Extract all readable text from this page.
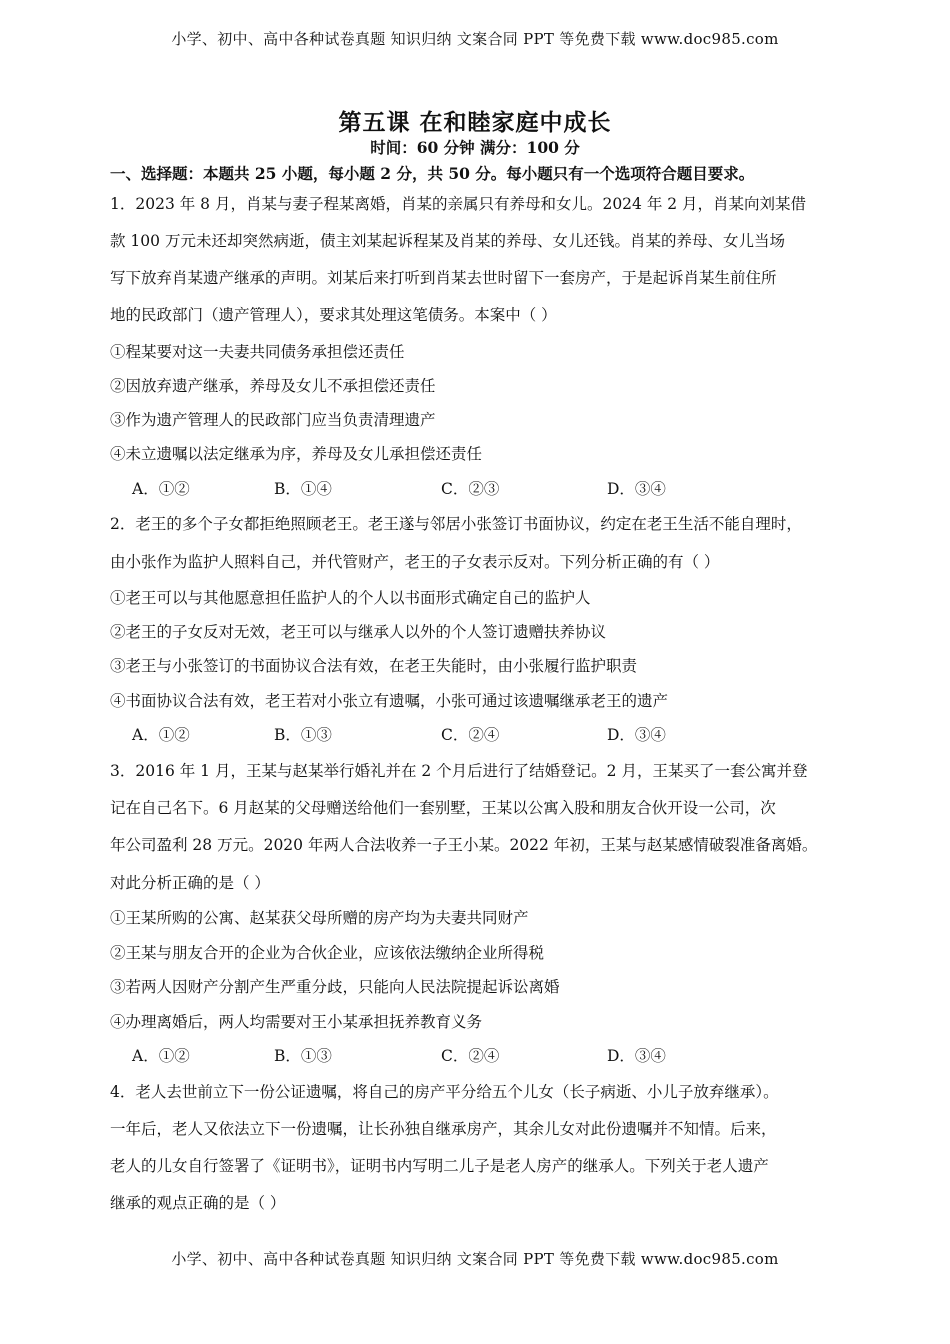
小学、初中、高中各种试卷真题 知识归纳 文案合同 PPT 等免费下载 www.doc985.com
第五课 在和睦家庭中成长
时间：60 分钟 满分：100 分
一、选择题：本题共 25 小题，每小题 2 分，共 50 分。每小题只有一个选项符合题目要求。
1．2023 年 8 月，肖某与妻子程某离婚，肖某的亲属只有养母和女儿。2024 年 2 月，肖某向刘某借
款 100 万元未还却突然病逝，债主刘某起诉程某及肖某的养母、女儿还钱。肖某的养母、女儿当场
写下放弃肖某遗产继承的声明。刘某后来打听到肖某去世时留下一套房产，于是起诉肖某生前住所
地的民政部门（遗产管理人），要求其处理这笔债务。本案中（ ）
①程某要对这一夫妻共同债务承担偿还责任
②因放弃遗产继承，养母及女儿不承担偿还责任
③作为遗产管理人的民政部门应当负责清理遗产
④未立遗嘱以法定继承为序，养母及女儿承担偿还责任
A．①②	B．①④	C．②③	D．③④
2．老王的多个子女都拒绝照顾老王。老王遂与邻居小张签订书面协议，约定在老王生活不能自理时，
由小张作为监护人照料自己，并代管财产，老王的子女表示反对。下列分析正确的有（ ）
①老王可以与其他愿意担任监护人的个人以书面形式确定自己的监护人
②老王的子女反对无效，老王可以与继承人以外的个人签订遗赠扶养协议
③老王与小张签订的书面协议合法有效，在老王失能时，由小张履行监护职责
④书面协议合法有效，老王若对小张立有遗嘱，小张可通过该遗嘱继承老王的遗产
A．①②	B．①③	C．②④	D．③④
3．2016 年 1 月，王某与赵某举行婚礼并在 2 个月后进行了结婚登记。2 月，王某买了一套公寓并登
记在自己名下。6 月赵某的父母赠送给他们一套别墅，王某以公寓入股和朋友合伙开设一公司，次
年公司盈利 28 万元。2020 年两人合法收养一子王小某。2022 年初，王某与赵某感情破裂准备离婚。
对此分析正确的是（ ）
①王某所购的公寓、赵某获父母所赠的房产均为夫妻共同财产
②王某与朋友合开的企业为合伙企业，应该依法缴纳企业所得税
③若两人因财产分割产生严重分歧，只能向人民法院提起诉讼离婚
④办理离婚后，两人均需要对王小某承担抚养教育义务
A．①②	B．①③	C．②④	D．③④
4．老人去世前立下一份公证遗嘱，将自己的房产平分给五个儿女（长子病逝、小儿子放弃继承）。
一年后，老人又依法立下一份遗嘱，让长孙独自继承房产，其余儿女对此份遗嘱并不知情。后来，
老人的儿女自行签署了《证明书》，证明书内写明二儿子是老人房产的继承人。下列关于老人遗产
继承的观点正确的是（ ）
小学、初中、高中各种试卷真题 知识归纳 文案合同 PPT 等免费下载 www.doc985.com
